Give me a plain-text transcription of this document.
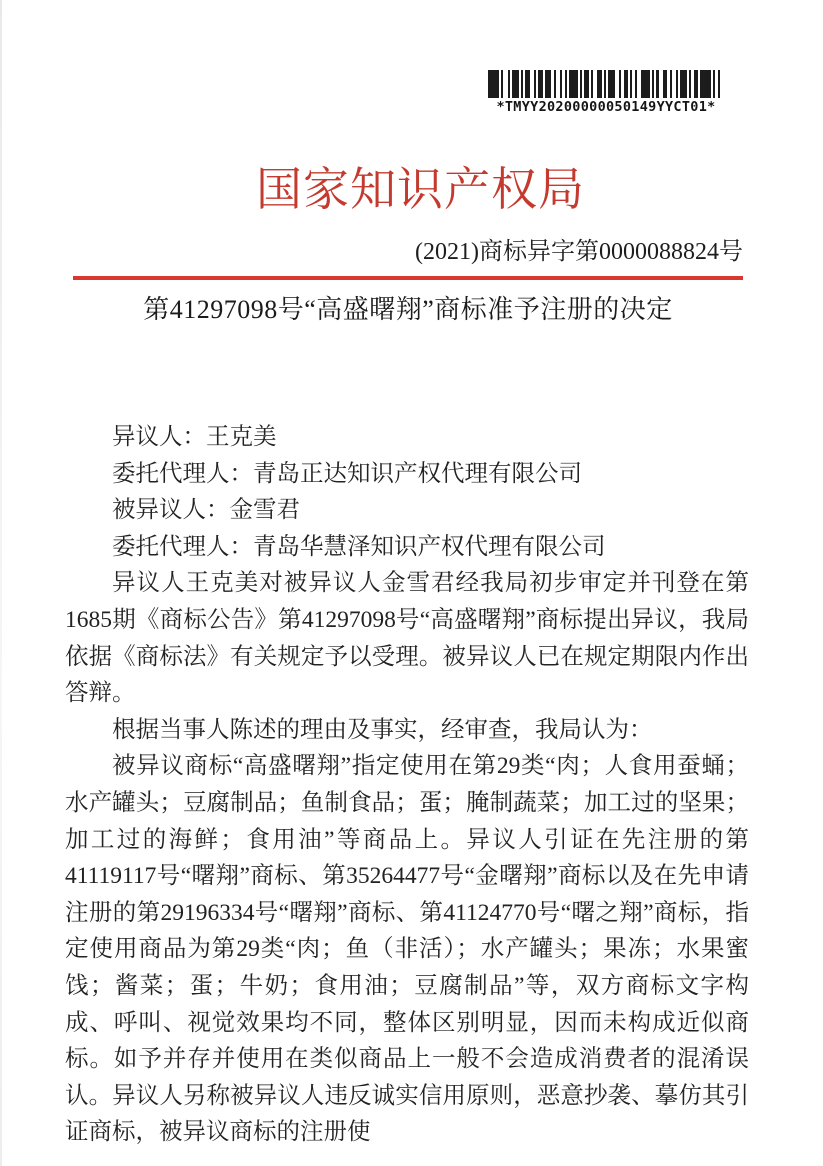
*TMYY20200000050149YYCT01*
国家知识产权局
(2021)商标异字第0000088824号
第41297098号“高盛曙翔”商标准予注册的决定

异议人：王克美

委托代理人：青岛正达知识产权代理有限公司

被异议人：金雪君

委托代理人：青岛华慧泽知识产权代理有限公司

异议人王克美对被异议人金雪君经我局初步审定并刊登在第1685期《商标公告》第41297098号“高盛曙翔”商标提出异议，我局依据《商标法》有关规定予以受理。被异议人已在规定期限内作出答辩。

根据当事人陈述的理由及事实，经审查，我局认为：

被异议商标“高盛曙翔”指定使用在第29类“肉；人食用蚕蛹；水产罐头；豆腐制品；鱼制食品；蛋；腌制蔬菜；加工过的坚果；加工过的海鲜；食用油”等商品上。异议人引证在先注册的第41119117号“曙翔”商标、第35264477号“金曙翔”商标以及在先申请注册的第29196334号“曙翔”商标、第41124770号“曙之翔”商标，指定使用商品为第29类“肉；鱼（非活）；水产罐头；果冻；水果蜜饯；酱菜；蛋；牛奶；食用油；豆腐制品”等，双方商标文字构成、呼叫、视觉效果均不同，整体区别明显，因而未构成近似商标。如予并存并使用在类似商品上一般不会造成消费者的混淆误认。异议人另称被异议人违反诚实信用原则，恶意抄袭、摹仿其引证商标，被异议商标的注册使
